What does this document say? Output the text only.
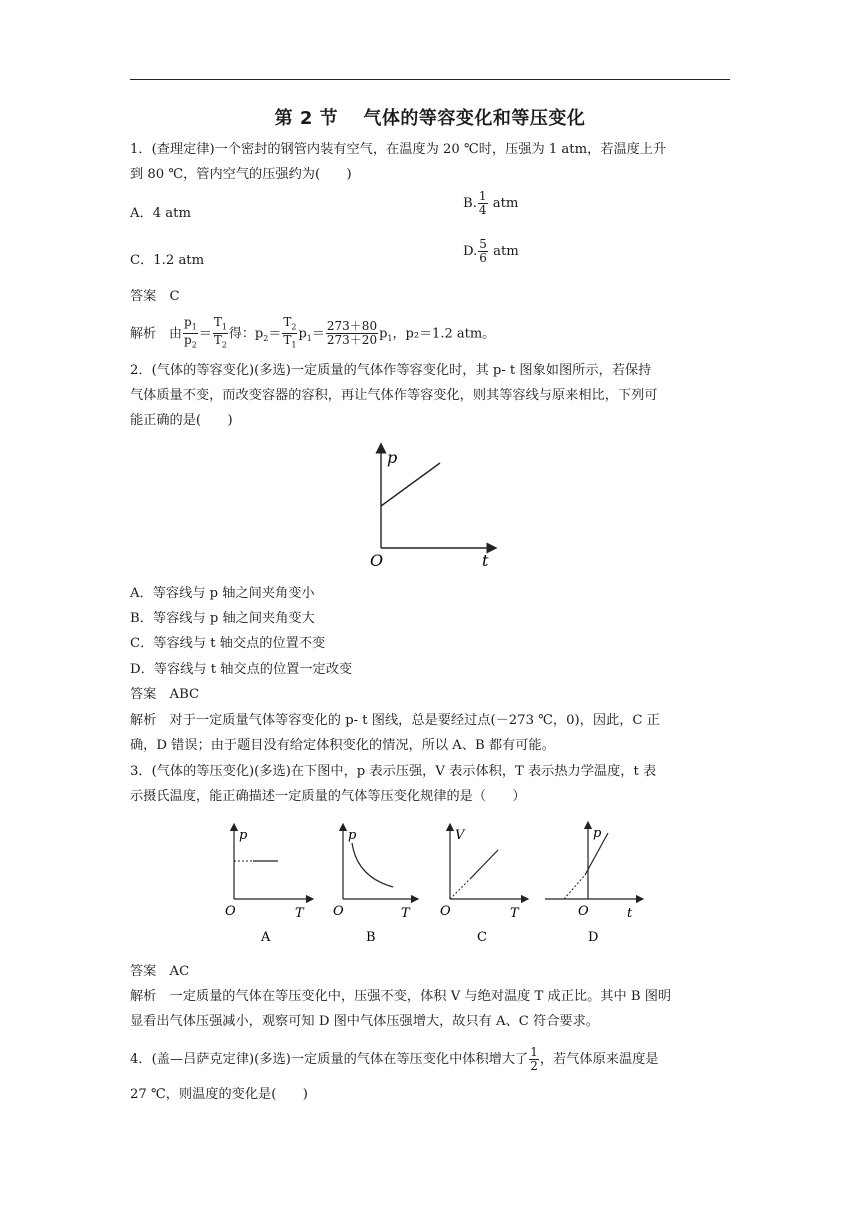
第 2 节　 气体的等容变化和等压变化
1．(查理定律)一个密封的钢管内装有空气，在温度为 20 ℃时，压强为 1 atm，若温度上升
到 80 ℃，管内空气的压强约为(　　)
A．4 atm
B. $\frac{1}{4}$ atm
C．1.2 atm
D. $\frac{5}{6}$ atm
答案　C
解析　由 $\frac{p_1}{p_2} = \frac{T_1}{T_2}$ 得：$p_2= \frac{T_2}{T_1} p_1= \frac{273+80}{273+20} p_1$，p₂＝1.2 atm。
2．(气体的等容变化)(多选)一定质量的气体作等容变化时，其 p- t 图象如图所示，若保持
气体质量不变，而改变容器的容积，再让气体作等容变化，则其等容线与原来相比，下列可
能正确的是(　　)
p
O	t
A．等容线与 p 轴之间夹角变小
B．等容线与 p 轴之间夹角变大
C．等容线与 t 轴交点的位置不变
D．等容线与 t 轴交点的位置一定改变
答案　ABC
解析　对于一定质量气体等容变化的 p- t 图线，总是要经过点(－273 ℃，0)，因此，C 正
确，D 错误；由于题目没有给定体积变化的情况，所以 A、B 都有可能。
3．(气体的等压变化)(多选)在下图中，p 表示压强，V 表示体积，T 表示热力学温度，t 表
示摄氏温度，能正确描述一定质量的气体等压变化规律的是（　　）
p
O	T
A
p
O	T
B
V
O	T
C
p
O	t
D
答案　AC
解析　一定质量的气体在等压变化中，压强不变，体积 V 与绝对温度 T 成正比。其中 B 图明
显看出气体压强减小，观察可知 D 图中气体压强增大，故只有 A、C 符合要求。
4．(盖—吕萨克定律)(多选)一定质量的气体在等压变化中体积增大了 $\frac{1}{2}$ ，若气体原来温度是
27 ℃，则温度的变化是(　　)
